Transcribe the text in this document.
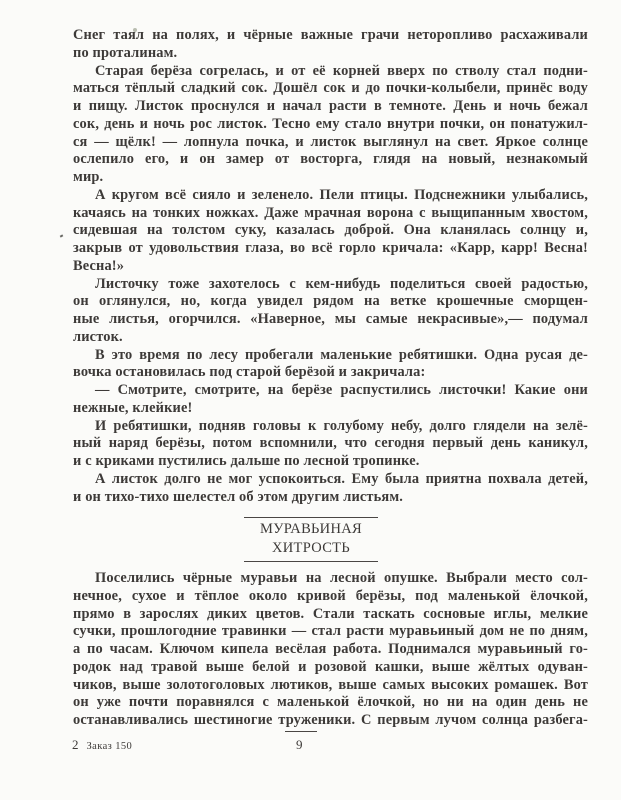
Снег таял на полях, и чёрные важные грачи неторопливо расхаживали
по проталинам.
Старая берёза согрелась, и от её корней вверх по стволу стал подни-
маться тёплый сладкий сок. Дошёл сок и до почки-колыбели, принёс воду
и пищу. Листок проснулся и начал расти в темноте. День и ночь бежал
сок, день и ночь рос листок. Тесно ему стало внутри почки, он понатужил-
ся — щёлк! — лопнула почка, и листок выглянул на свет. Яркое солнце
ослепило его, и он замер от восторга, глядя на новый, незнакомый
мир.
А кругом всё сияло и зеленело. Пели птицы. Подснежники улыбались,
качаясь на тонких ножках. Даже мрачная ворона с выщипанным хвостом,
сидевшая на толстом суку, казалась доброй. Она кланялась солнцу и,
закрыв от удовольствия глаза, во всё горло кричала: «Карр, карр! Весна!
Весна!»
Листочку тоже захотелось с кем-нибудь поделиться своей радостью,
он оглянулся, но, когда увидел рядом на ветке крошечные сморщен-
ные листья, огорчился. «Наверное, мы самые некрасивые»,— подумал
листок.
В это время по лесу пробегали маленькие ребятишки. Одна русая де-
вочка остановилась под старой берёзой и закричала:
— Смотрите, смотрите, на берёзе распустились листочки! Какие они
нежные, клейкие!
И ребятишки, подняв головы к голубому небу, долго глядели на зелё-
ный наряд берёзы, потом вспомнили, что сегодня первый день каникул,
и с криками пустились дальше по лесной тропинке.
А листок долго не мог успокоиться. Ему была приятна похвала детей,
и он тихо-тихо шелестел об этом другим листьям.
МУРАВЬИНАЯ
ХИТРОСТЬ
Поселились чёрные муравьи на лесной опушке. Выбрали место сол-
нечное, сухое и тёплое около кривой берёзы, под маленькой ёлочкой,
прямо в зарослях диких цветов. Стали таскать сосновые иглы, мелкие
сучки, прошлогодние травинки — стал расти муравьиный дом не по дням,
а по часам. Ключом кипела весёлая работа. Поднимался муравьиный го-
родок над травой выше белой и розовой кашки, выше жёлтых одуван-
чиков, выше золотоголовых лютиков, выше самых высоких ромашек. Вот
он уже почти поравнялся с маленькой ёлочкой, но ни на один день не
останавливались шестиногие труженики. С первым лучом солнца разбега-
2 Заказ 150	9
